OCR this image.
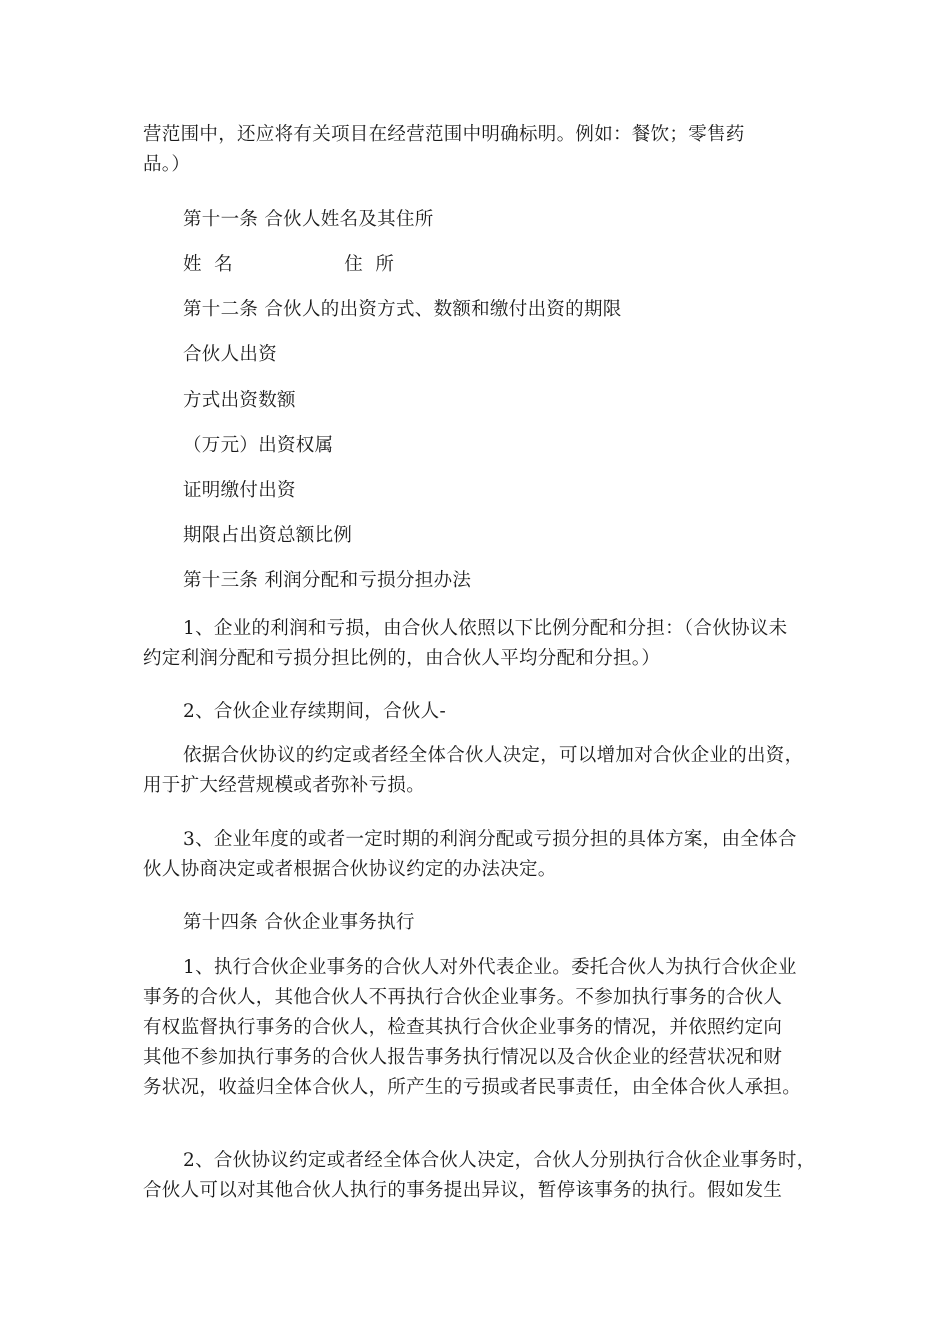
营范围中，还应将有关项目在经营范围中明确标明。例如：餐饮；零售药
品。）

第十一条 合伙人姓名及其住所

姓  名                  住  所

第十二条 合伙人的出资方式、数额和缴付出资的期限

合伙人出资

方式出资数额

（万元）出资权属

证明缴付出资

期限占出资总额比例

第十三条 利润分配和亏损分担办法

1、企业的利润和亏损，由合伙人依照以下比例分配和分担：（合伙协议未
约定利润分配和亏损分担比例的，由合伙人平均分配和分担。）

2、合伙企业存续期间，合伙人-

依据合伙协议的约定或者经全体合伙人决定，可以增加对合伙企业的出资，
用于扩大经营规模或者弥补亏损。

3、企业年度的或者一定时期的利润分配或亏损分担的具体方案，由全体合
伙人协商决定或者根据合伙协议约定的办法决定。

第十四条 合伙企业事务执行

1、执行合伙企业事务的合伙人对外代表企业。委托合伙人为执行合伙企业
事务的合伙人，其他合伙人不再执行合伙企业事务。不参加执行事务的合伙人
有权监督执行事务的合伙人，检查其执行合伙企业事务的情况，并依照约定向
其他不参加执行事务的合伙人报告事务执行情况以及合伙企业的经营状况和财
务状况，收益归全体合伙人，所产生的亏损或者民事责任，由全体合伙人承担。

2、合伙协议约定或者经全体合伙人决定，合伙人分别执行合伙企业事务时，
合伙人可以对其他合伙人执行的事务提出异议，暂停该事务的执行。假如发生
